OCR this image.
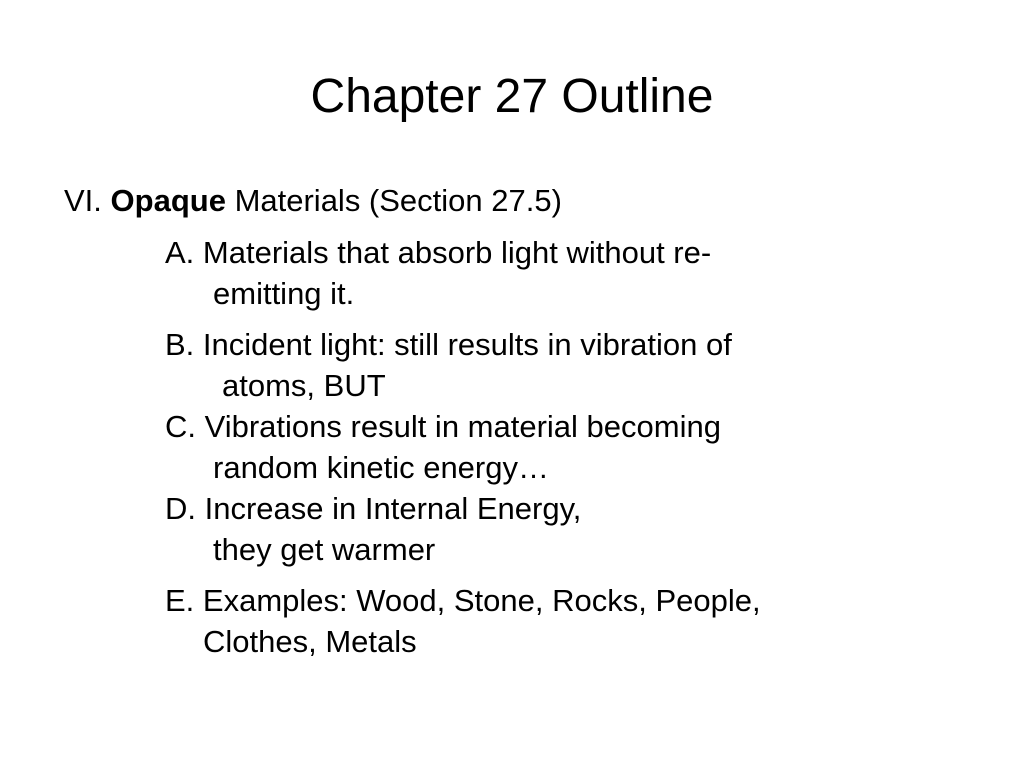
Chapter 27 Outline
VI. Opaque Materials (Section 27.5)
A. Materials that absorb light without re-
emitting it.
B. Incident light: still results in vibration of
atoms, BUT
C. Vibrations result in material becoming
random kinetic energy…
D. Increase in Internal Energy,
they get warmer
E. Examples: Wood, Stone, Rocks, People,
Clothes, Metals
